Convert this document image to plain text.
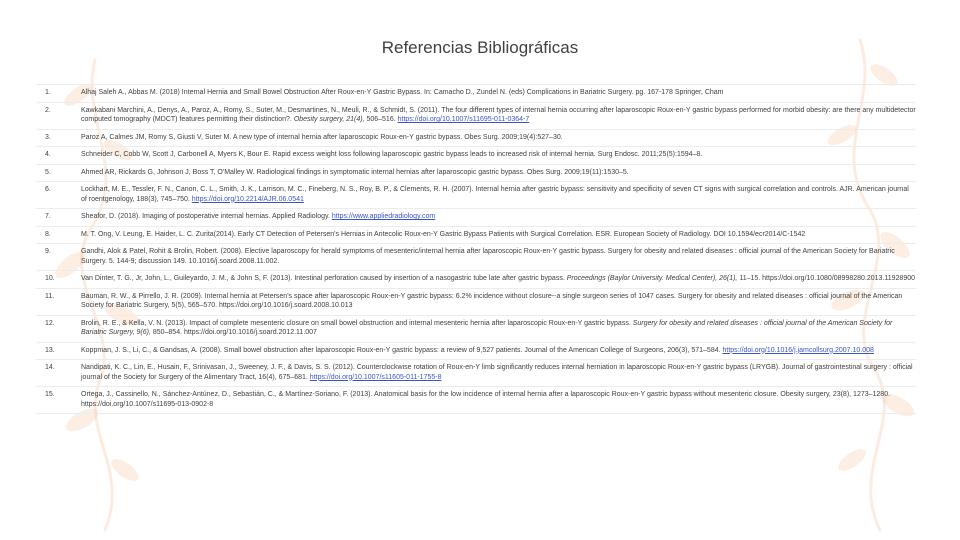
Referencias Bibliográficas
1.	Alhaj Saleh A., Abbas M. (2018) Internal Hernia and Small Bowel Obstruction After Roux-en-Y Gastric Bypass. In: Camacho D., Zundel N. (eds) Complications in Bariatric Surgery. pg. 167-178 Springer, Cham
2.	Kawkabani Marchini, A., Denys, A., Paroz, A., Romy, S., Suter, M., Desmartines, N., Meuli, R., & Schmidt, S. (2011). The four different types of internal hernia occurring after laparoscopic Roux-en-Y gastric bypass performed for morbid obesity: are there any multidetector computed tomography (MDCT) features permitting their distinction?. Obesity surgery, 21(4), 506–516. https://doi.org/10.1007/s11695-011-0364-7
3.	Paroz A, Calmes JM, Romy S, Giusti V, Suter M. A new type of internal hernia after laparoscopic Roux-en-Y gastric bypass. Obes Surg. 2009;19(4):527–30.
4.	Schneider C, Cobb W, Scott J, Carbonell A, Myers K, Bour E. Rapid excess weight loss following laparoscopic gastric bypass leads to increased risk of internal hernia. Surg Endosc. 2011;25(5):1594–8.
5.	Ahmed AR, Rickards G, Johnson J, Boss T, O'Malley W. Radiological findings in symptomatic internal hernias after laparoscopic gastric bypass. Obes Surg. 2009;19(11):1530–5.
6.	Lockhart, M. E., Tessler, F. N., Canon, C. L., Smith, J. K., Larrison, M. C., Fineberg, N. S., Roy, B. P., & Clements, R. H. (2007). Internal hernia after gastric bypass: sensitivity and specificity of seven CT signs with surgical correlation and controls. AJR. American journal of roentgenology, 188(3), 745–750. https://doi.org/10.2214/AJR.06.0541
7.	Sheafor, D. (2018). Imaging of postoperative internal hernias. Applied Radiology. https://www.appliedradiology.com
8.	M. T. Ong, V. Leung, E. Haider, L. C. Zurita(2014). Early CT Detection of Petersen's Hernias in Antecolic Roux-en-Y Gastric Bypass Patients with Surgical Correlation. ESR. European Society of Radiology. DOI 10.1594/ecr2014/C-1542
9.	Gandhi, Alok & Patel, Rohit & Brolin, Robert. (2008). Elective laparoscopy for herald symptoms of mesenteric/internal hernia after laparoscopic Roux-en-Y gastric bypass. Surgery for obesity and related diseases : official journal of the American Society for Bariatric Surgery. 5. 144-9; discussion 149. 10.1016/j.soard.2008.11.002.
10.	Van Dinter, T. G., Jr, John, L., Guileyardo, J. M., & John S, F. (2013). Intestinal perforation caused by insertion of a nasogastric tube late after gastric bypass. Proceedings (Baylor University. Medical Center), 26(1), 11–15. https://doi.org/10.1080/08998280.2013.11928900
11.	Bauman, R. W., & Pirrello, J. R. (2009). Internal hernia at Petersen's space after laparoscopic Roux-en-Y gastric bypass: 6.2% incidence without closure--a single surgeon series of 1047 cases. Surgery for obesity and related diseases : official journal of the American Society for Bariatric Surgery, 5(5), 565–570. https://doi.org/10.1016/j.soard.2008.10.013
12.	Brolin, R. E., & Kella, V. N. (2013). Impact of complete mesenteric closure on small bowel obstruction and internal mesenteric hernia after laparoscopic Roux-en-Y gastric bypass. Surgery for obesity and related diseases : official journal of the American Society for Bariatric Surgery, 9(6), 850–854. https://doi.org/10.1016/j.soard.2012.11.007
13.	Koppman, J. S., Li, C., & Gandsas, A. (2008). Small bowel obstruction after laparoscopic Roux-en-Y gastric bypass: a review of 9,527 patients. Journal of the American College of Surgeons, 206(3), 571–584. https://doi.org/10.1016/j.jamcollsurg.2007.10.008
14.	Nandipati, K. C., Lin, E., Husain, F., Srinivasan, J., Sweeney, J. F., & Davis, S. S. (2012). Counterclockwise rotation of Roux-en-Y limb significantly reduces internal herniation in laparoscopic Roux-en-Y gastric bypass (LRYGB). Journal of gastrointestinal surgery : official journal of the Society for Surgery of the Alimentary Tract, 16(4), 675–681. https://doi.org/10.1007/s11605-011-1755-8
15.	Ortega, J., Cassinello, N., Sánchez-Antúnez, D., Sebastián, C., & Martínez-Soriano, F. (2013). Anatomical basis for the low incidence of internal hernia after a laparoscopic Roux-en-Y gastric bypass without mesenteric closure. Obesity surgery, 23(8), 1273–1280. https://doi.org/10.1007/s11695-013-0902-8
